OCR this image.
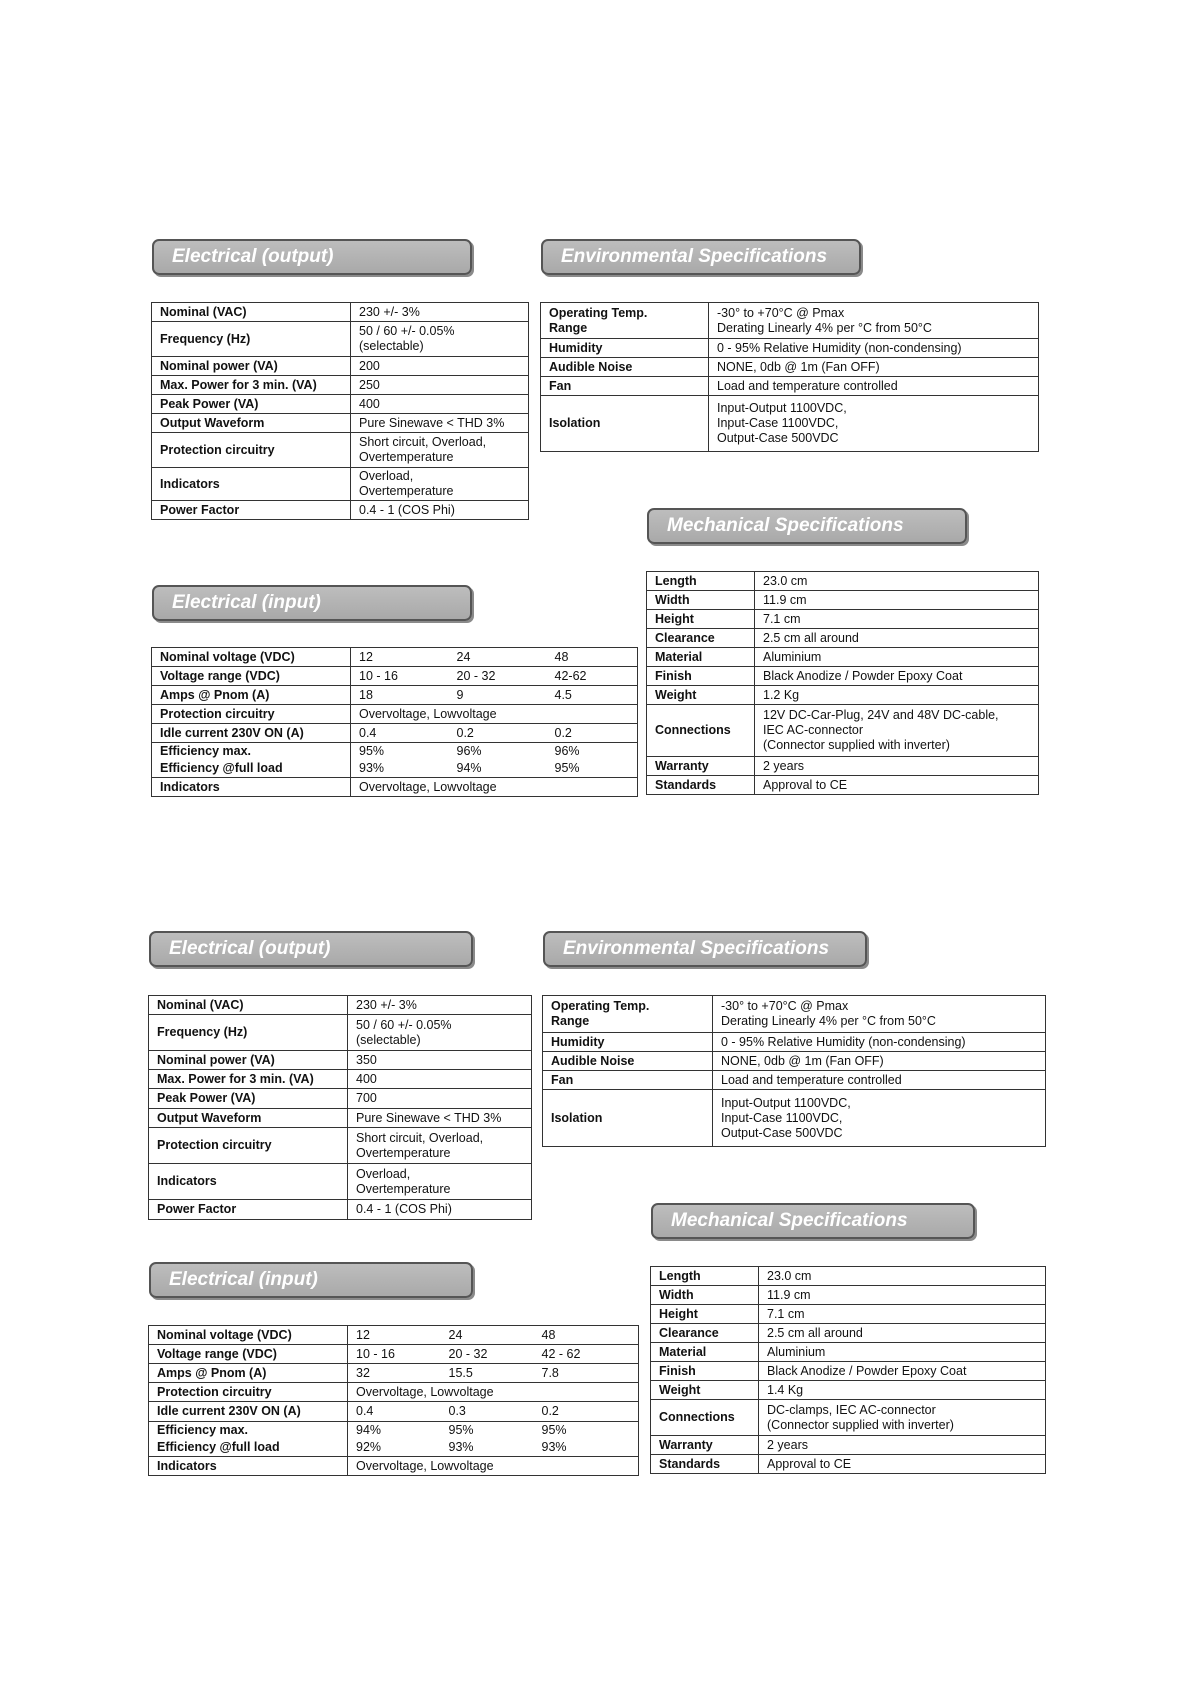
Electrical (output)	Environmental Specifications
Mechanical Specifications
Electrical (input)
Nominal (VAC)	230 +/- 3%
Frequency (Hz)	50 / 60 +/- 0.05%
(selectable)
Nominal power (VA)	200
Max. Power for 3 min. (VA)	250
Peak Power (VA)	400
Output Waveform	Pure Sinewave < THD 3%
Protection circuitry	Short circuit, Overload,
Overtemperature
Indicators	Overload,
Overtemperature
Power Factor	0.4 - 1 (COS Phi)
Operating Temp.
Range	-30° to +70°C @ Pmax
Derating Linearly 4% per °C from 50°C
Humidity	0 - 95% Relative Humidity (non-condensing)
Audible Noise	NONE, 0db @ 1m (Fan OFF)
Fan	Load and temperature controlled
Isolation	Input-Output 1100VDC,
Input-Case 1100VDC,
Output-Case 500VDC
Length	23.0 cm
Width	11.9 cm
Height	7.1 cm
Clearance	2.5 cm all around
Material	Aluminium
Finish	Black Anodize / Powder Epoxy Coat
Weight	1.2 Kg
Connections	12V DC-Car-Plug, 24V and 48V DC-cable,
IEC AC-connector
(Connector supplied with inverter)
Warranty	2 years
Standards	Approval to CE
Nominal voltage (VDC)	12	24	48
Voltage range (VDC)	10 - 16	20 - 32	42-62
Amps @ Pnom (A)	18	9	4.5
Protection circuitry	Overvoltage, Lowvoltage		
Idle current 230V ON (A)	0.4	0.2	0.2
Efficiency max.	95%	96%	96%
Efficiency @full load	93%	94%	95%
Indicators	Overvoltage, Lowvoltage		
Electrical (output)	Environmental Specifications
Mechanical Specifications
Electrical (input)
Nominal (VAC)	230 +/- 3%
Frequency (Hz)	50 / 60 +/- 0.05%
(selectable)
Nominal power (VA)	350
Max. Power for 3 min. (VA)	400
Peak Power (VA)	700
Output Waveform	Pure Sinewave < THD 3%
Protection circuitry	Short circuit, Overload,
Overtemperature
Indicators	Overload,
Overtemperature
Power Factor	0.4 - 1 (COS Phi)
Operating Temp.
Range	-30° to +70°C @ Pmax
Derating Linearly 4% per °C from 50°C
Humidity	0 - 95% Relative Humidity (non-condensing)
Audible Noise	NONE, 0db @ 1m (Fan OFF)
Fan	Load and temperature controlled
Isolation	Input-Output 1100VDC,
Input-Case 1100VDC,
Output-Case 500VDC
Length	23.0 cm
Width	11.9 cm
Height	7.1 cm
Clearance	2.5 cm all around
Material	Aluminium
Finish	Black Anodize / Powder Epoxy Coat
Weight	1.4 Kg
Connections	DC-clamps, IEC AC-connector
(Connector supplied with inverter)
Warranty	2 years
Standards	Approval to CE
Nominal voltage (VDC)	12	24	48
Voltage range (VDC)	10 - 16	20 - 32	42 - 62
Amps @ Pnom (A)	32	15.5	7.8
Protection circuitry	Overvoltage, Lowvoltage		
Idle current 230V ON (A)	0.4	0.3	0.2
Efficiency max.	94%	95%	95%
Efficiency @full load	92%	93%	93%
Indicators	Overvoltage, Lowvoltage		
